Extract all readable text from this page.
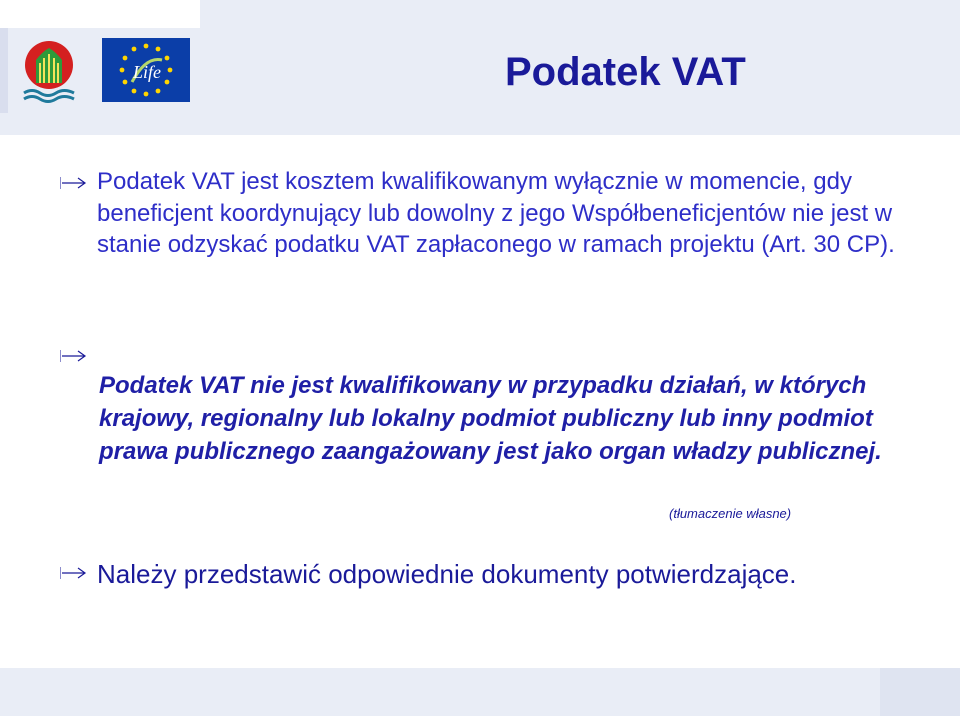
Life	Podatek VAT
Podatek VAT jest kosztem kwalifikowanym wyłącznie w momencie, gdy beneficjent koordynujący lub dowolny z jego Współbeneficjentów nie jest w stanie odzyskać podatku VAT zapłaconego w ramach projektu (Art. 30 CP).
Podatek VAT nie jest kwalifikowany w przypadku działań, w których krajowy, regionalny lub lokalny podmiot publiczny lub inny podmiot prawa publicznego zaangażowany jest jako organ władzy publicznej.
(tłumaczenie własne)
Należy przedstawić odpowiednie dokumenty potwierdzające.
